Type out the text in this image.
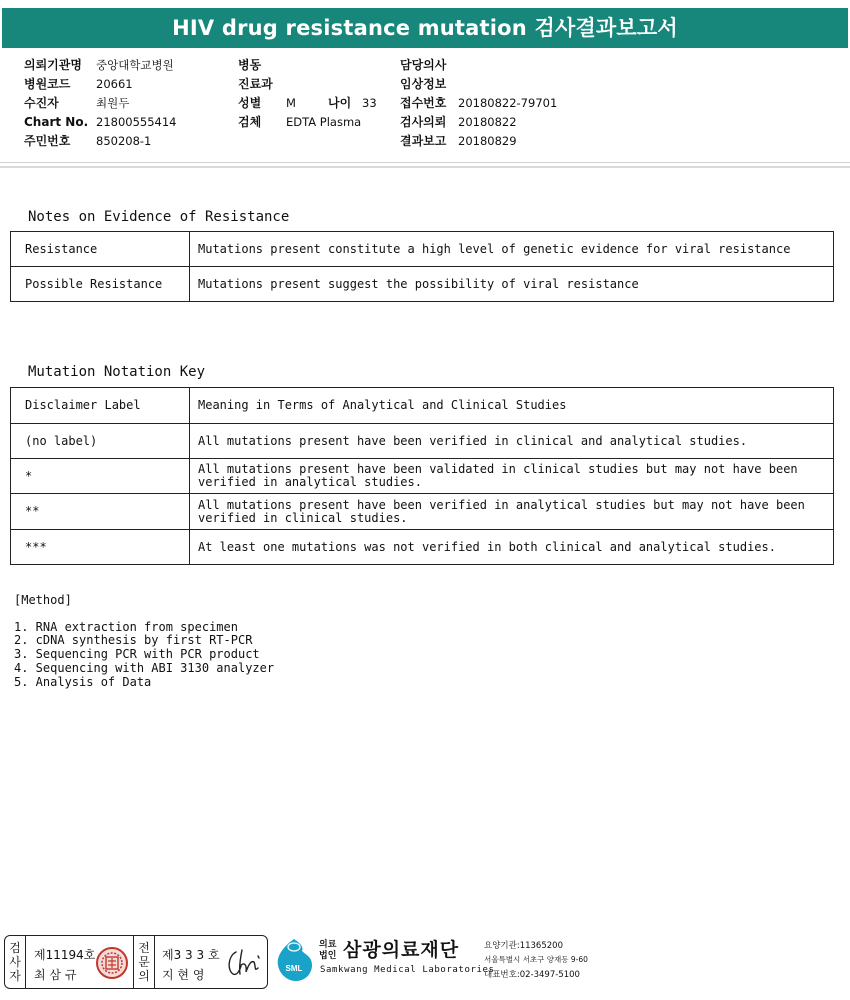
HIV drug resistance mutation 검사결과보고서
의뢰기관명 중앙대학교병원
병원코드 20661
수진자	최원두
Chart No. 21800555414
주민번호 850208-1
병동
진료과
성별 M	나이 33
검체 EDTA Plasma
담당의사
임상정보
접수번호 20180822-79701
검사의뢰 20180822
결과보고 20180829
Notes on Evidence of Resistance
Resistance	Mutations present constitute a high level of genetic evidence for viral resistance
Possible Resistance	Mutations present suggest the possibility of viral resistance
Mutation Notation Key
Disclaimer Label	Meaning in Terms of Analytical and Clinical Studies
(no label)	All mutations present have been verified in clinical and analytical studies.
*	All mutations present have been validated in clinical studies but may not have been verified in analytical studies.
**	All mutations present have been verified in analytical studies but may not have been verified in clinical studies.
***	At least one mutations was not verified in both clinical and analytical studies.
[Method]
1. RNA extraction from specimen
2. cDNA synthesis by first RT-PCR
3. Sequencing PCR with PCR product
4. Sequencing with ABI 3130 analyzer
5. Analysis of Data
검
사
자
제11194호
최 삼 규
전
문
의
제3 3 3 호
지 현 영	SML
의료
법인 삼광의료재단
Samkwang Medical Laboratories
요양기관:11365200
서울특별시 서초구 양재동 9-60
대표번호:02-3497-5100
